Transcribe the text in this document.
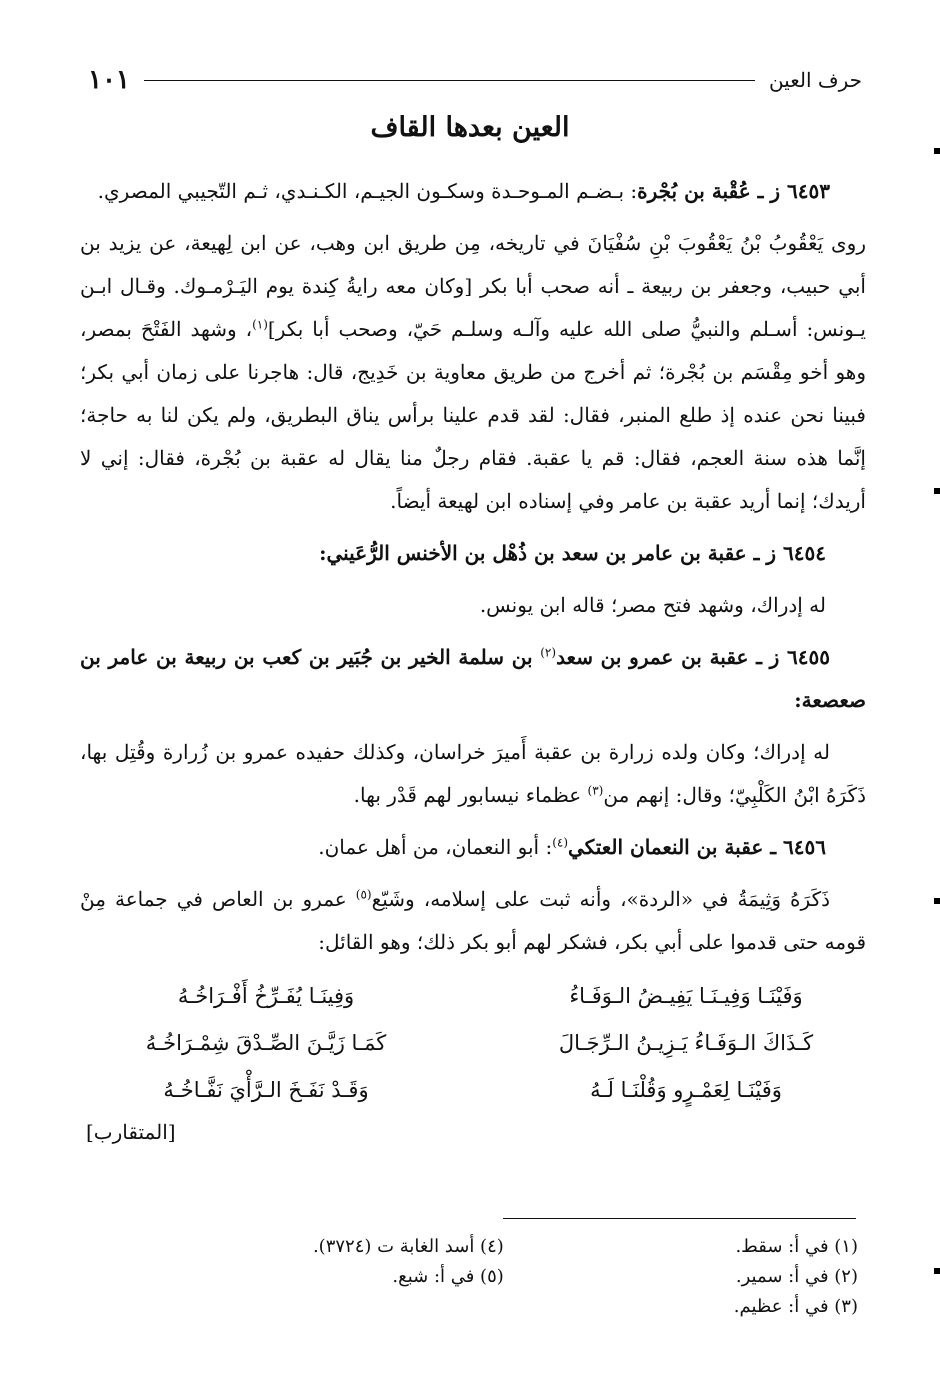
حرف العين
١٠١
العين بعدها القاف

٦٤٥٣ ز ـ عُقْبة بن بُجْرة: بـضـم المـوحـدة وسكـون الجيـم، الكـنـدي، ثـم التّجيبي المصري.

روى يَعْقُوبُ بْنُ يَعْقُوبَ بْنِ سُفْيَانَ في تاريخه، مِن طريق ابن وهب، عن ابن لِهيعة، عن يزيد بن أبي حبيب، وجعفر بن ربيعة ـ أنه صحب أبا بكر [وكان معه رايةُ كِندة يوم اليَـرْمـوك. وقـال ابـن يـونس: أسـلم والنبيُّ صلى الله عليه وآلـه وسلـم حَيّ، وصحب أبا بكر]$^{(١)}$، وشهد الفَتْحَ بمصر، وهو أخو مِقْسَم بن بُجْرة؛ ثم أخرج من طريق معاوية بن خَدِيج، قال: هاجرنا على زمان أبي بكر؛ فبينا نحن عنده إذ طلع المنبر، فقال: لقد قدم علينا برأس يناق البطريق، ولم يكن لنا به حاجة؛ إنَّما هذه سنة العجم، فقال: قم يا عقبة. فقام رجلٌ منا يقال له عقبة بن بُجْرة، فقال: إني لا أريدك؛ إنما أريد عقبة بن عامر وفي إسناده ابن لهيعة أيضاً.

٦٤٥٤ ز ـ عقبة بن عامر بن سعد بن ذُهْل بن الأخنس الرُّعَيني:

له إدراك، وشهد فتح مصر؛ قاله ابن يونس.

٦٤٥٥ ز ـ عقبة بن عمرو بن سعد$^{(٢)}$ بن سلمة الخير بن جُبَير بن كعب بن ربيعة بن عامر بن صعصعة:

له إدراك؛ وكان ولده زرارة بن عقبة أَميرَ خراسان، وكذلك حفيده عمرو بن زُرارة وقُتِل بها، ذَكَرَهُ ابْنُ الكَلْبِيّ؛ وقال: إنهم من$^{(٣)}$ عظماء نيسابور لهم قَدْر بها.

٦٤٥٦ ـ عقبة بن النعمان العتكي$^{(٤)}$: أبو النعمان، من أهل عمان.

ذَكَرَهُ وَثِيمَةُ في «الردة»، وأنه ثبت على إسلامه، وشَيّع$^{(٥)}$ عمرو بن العاص في جماعة مِنْ قومه حتى قدموا على أبي بكر، فشكر لهم أبو بكر ذلك؛ وهو القائل:

وَفَيْنَـا وَفِيـنَـا يَفِيـضُ الـوَفَـاءُ
وَفِينَـا يُفَـرِّخُ أَفْـرَاخُـهُ
كَـذَاكَ الـوَفَـاءُ يَـزِيـنُ الـرِّجَـالَ
كَمَـا زَيَّـنَ الصِّـدْقَ شِمْـرَاخُـهُ
وَفَيْنَـا لِعَمْـرٍو وَقُلْنَـا لَـهُ
وَقَـدْ نَفَـخَ الـرَّأْيَ نَفَّـاخُـهُ
[المتقارب]
(١) في أ: سقط.
(٢) في أ: سمير.
(٣) في أ: عظيم.
(٤) أسد الغابة ت (٣٧٢٤).
(٥) في أ: شبع.
